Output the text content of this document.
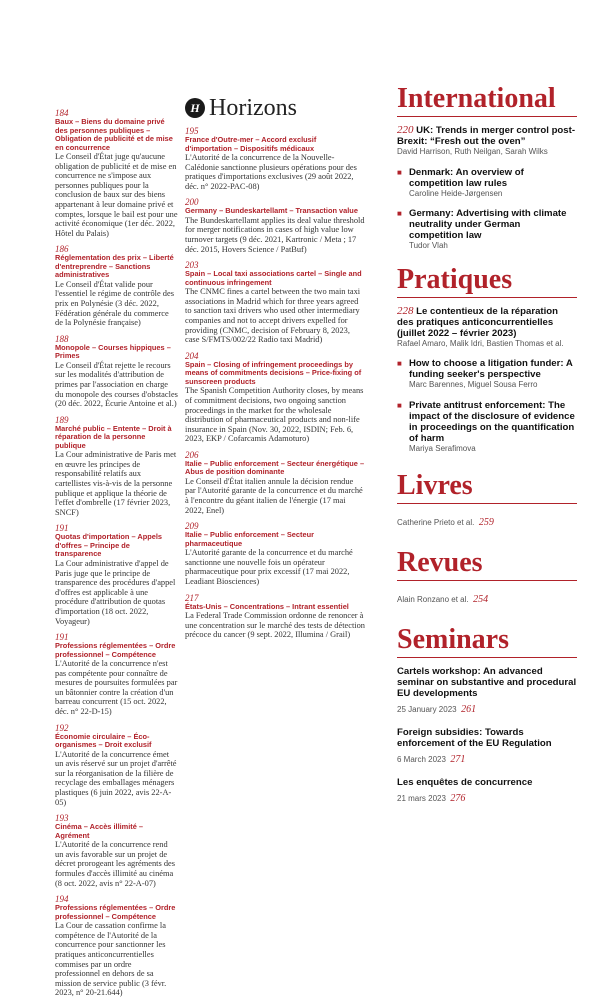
184
Baux – Biens du domaine privé des personnes publiques – Obligation de publicité et de mise en concurrence
Le Conseil d'État juge qu'aucune obligation de publicité et de mise en concurrence ne s'impose aux personnes publiques pour la conclusion de baux sur des biens appartenant à leur domaine privé et comptes, lorsque le bail est pour une activité économique (1er déc. 2022, Hôtel du Palais)
186
Réglementation des prix – Liberté d'entreprendre – Sanctions administratives
Le Conseil d'État valide pour l'essentiel le régime de contrôle des prix en Polynésie (3 déc. 2022, Fédération générale du commerce de la Polynésie française)
188
Monopole – Courses hippiques – Primes
Le Conseil d'État rejette le recours sur les modalités d'attribution de primes par l'association en charge du monopole des courses d'obstacles (20 déc. 2022, Écurie Antoine et al.)
189
Marché public – Entente – Droit à réparation de la personne publique
La Cour administrative de Paris met en œuvre les principes de responsabilité relatifs aux cartellistes vis-à-vis de la personne publique et applique la théorie de l'effet d'ombrelle (17 février 2023, SNCF)
191
Quotas d'importation – Appels d'offres – Principe de transparence
La Cour administrative d'appel de Paris juge que le principe de transparence des procédures d'appel d'offres est applicable à une procédure d'attribution de quotas d'importation (18 oct. 2022, Voyageur)
191
Professions réglementées – Ordre professionnel – Compétence
L'Autorité de la concurrence n'est pas compétente pour connaître de mesures de poursuites formulées par un bâtonnier contre la création d'un barreau concurrent (15 oct. 2022, déc. n° 22-D-15)
192
Économie circulaire – Éco-organismes – Droit exclusif
L'Autorité de la concurrence émet un avis réservé sur un projet d'arrêté sur la réorganisation de la filière de recyclage des emballages ménagers plastiques (6 juin 2022, avis 22-A-05)
193
Cinéma – Accès illimité – Agrément
L'Autorité de la concurrence rend un avis favorable sur un projet de décret prorogeant les agréments des formules d'accès illimité au cinéma (8 oct. 2022, avis n° 22-A-07)
194
Professions réglementées – Ordre professionnel – Compétence
La Cour de cassation confirme la compétence de l'Autorité de la concurrence pour sanctionner les pratiques anticoncurrentielles commises par un ordre professionnel en dehors de sa mission de service public (3 févr. 2023, n° 20-21.644)
H Horizons
195
France d'Outre-mer – Accord exclusif d'importation – Dispositifs médicaux
L'Autorité de la concurrence de la Nouvelle-Calédonie sanctionne plusieurs opérations pour des pratiques d'importations exclusives (29 août 2022, déc. n° 2022-PAC-08)
200
Germany – Bundeskartellamt – Transaction value
The Bundeskartellamt applies its deal value threshold for merger notifications in cases of high value low turnover targets (9 déc. 2021, Kartronic / Meta ; 17 déc. 2015, Hovers Science / PatBuf)
203
Spain – Local taxi associations cartel – Single and continuous infringement
The CNMC fines a cartel between the two main taxi associations in Madrid which for three years agreed to sanction taxi drivers who used other intermediary companies and not to accept drivers expelled for providing (CNMC, decision of February 8, 2023, case S/FMTS/002/22 Radio taxi Madrid)
204
Spain – Closing of infringement proceedings by means of commitments decisions – Price-fixing of sunscreen products
The Spanish Competition Authority closes, by means of commitment decisions, two ongoing sanction proceedings in the market for the wholesale distribution of pharmaceutical products and non-life insurance in Spain (Nov. 30, 2022, ISDIN; Feb. 6, 2023, EKP / Cofarcamis Adamoturo)
206
Italie – Public enforcement – Secteur énergétique – Abus de position dominante
Le Conseil d'État italien annule la décision rendue par l'Autorité garante de la concurrence et du marché à l'encontre du géant italien de l'énergie (17 mai 2022, Enel)
209
Italie – Public enforcement – Secteur pharmaceutique
L'Autorité garante de la concurrence et du marché sanctionne une nouvelle fois un opérateur pharmaceutique pour prix excessif (17 mai 2022, Leadiant Biosciences)
217
États-Unis – Concentrations – Intrant essentiel
La Federal Trade Commission ordonne de renoncer à une concentration sur le marché des tests de détection précoce du cancer (9 sept. 2022, Illumina / Grail)
International
220 UK: Trends in merger control post-Brexit: “Fresh out the oven”
David Harrison, Ruth Neilgan, Sarah Wilks
■ Denmark: An overview of competition law rules
Caroline Heide-Jørgensen
■ Germany: Advertising with climate neutrality under German competition law
Tudor Vlah
Pratiques
228 Le contentieux de la réparation des pratiques anticoncurrentielles (juillet 2022 – février 2023)
Rafael Amaro, Malik Idri, Bastien Thomas et al.
■ How to choose a litigation funder: A funding seeker's perspective
Marc Barennes, Miguel Sousa Ferro
■ Private antitrust enforcement: The impact of the disclosure of evidence in proceedings on the quantification of harm
Mariya Serafimova
Livres
Catherine Prieto et al. 259
Revues
Alain Ronzano et al. 254
Seminars
Cartels workshop: An advanced seminar on substantive and procedural EU developments
25 January 2023 261
Foreign subsidies: Towards enforcement of the EU Regulation
6 March 2023 271
Les enquêtes de concurrence
21 mars 2023 276
